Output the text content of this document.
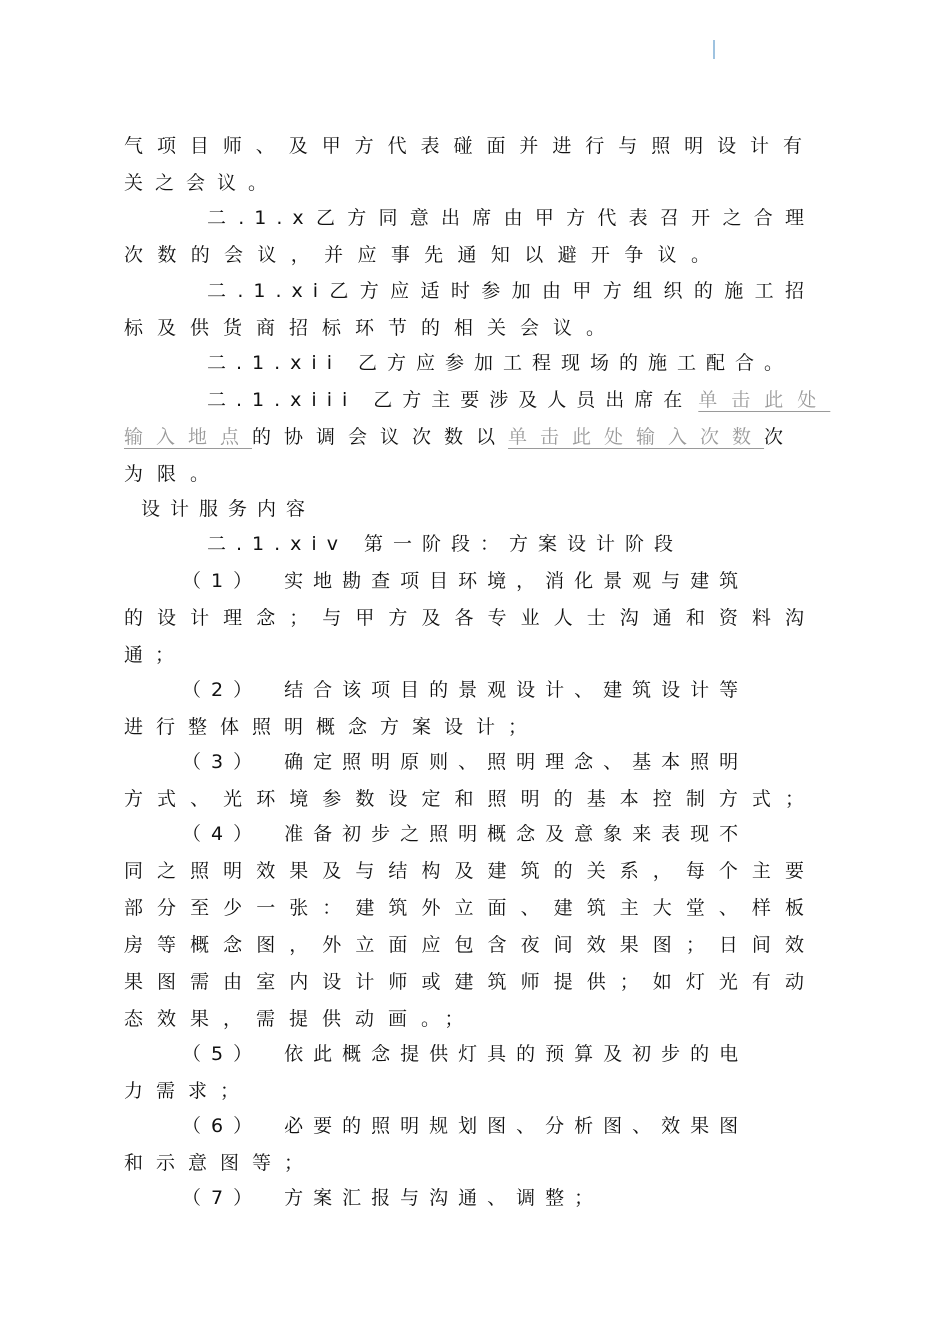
气项目师、及甲方代表碰面并进行与照明设计有
关之会议。
二.1.x乙方同意出席由甲方代表召开之合理
次数的会议，并应事先通知以避开争议。
二.1.xi乙方应适时参加由甲方组织的施工招
标及供货商招标环节的相关会议。
二.1.xii 乙方应参加工程现场的施工配合。
二.1.xiii 乙方主要涉及人员出席在 单击此处
输入地点的协调会议次数以单击此处输入次数次
为限。
设计服务内容
二.1.xiv 第一阶段：方案设计阶段
（1） 实地勘查项目环境，消化景观与建筑
的设计理念；与甲方及各专业人士沟通和资料沟
通；
（2） 结合该项目的景观设计、建筑设计等
进行整体照明概念方案设计；
（3） 确定照明原则、照明理念、基本照明
方式、光环境参数设定和照明的基本控制方式；
（4） 准备初步之照明概念及意象来表现不
同之照明效果及与结构及建筑的关系，每个主要
部分至少一张：建筑外立面、建筑主大堂、样板
房等概念图，外立面应包含夜间效果图；日间效
果图需由室内设计师或建筑师提供；如灯光有动
态效果，需提供动画。；
（5） 依此概念提供灯具的预算及初步的电
力需求；
（6） 必要的照明规划图、分析图、效果图
和示意图等；
（7） 方案汇报与沟通、调整；
